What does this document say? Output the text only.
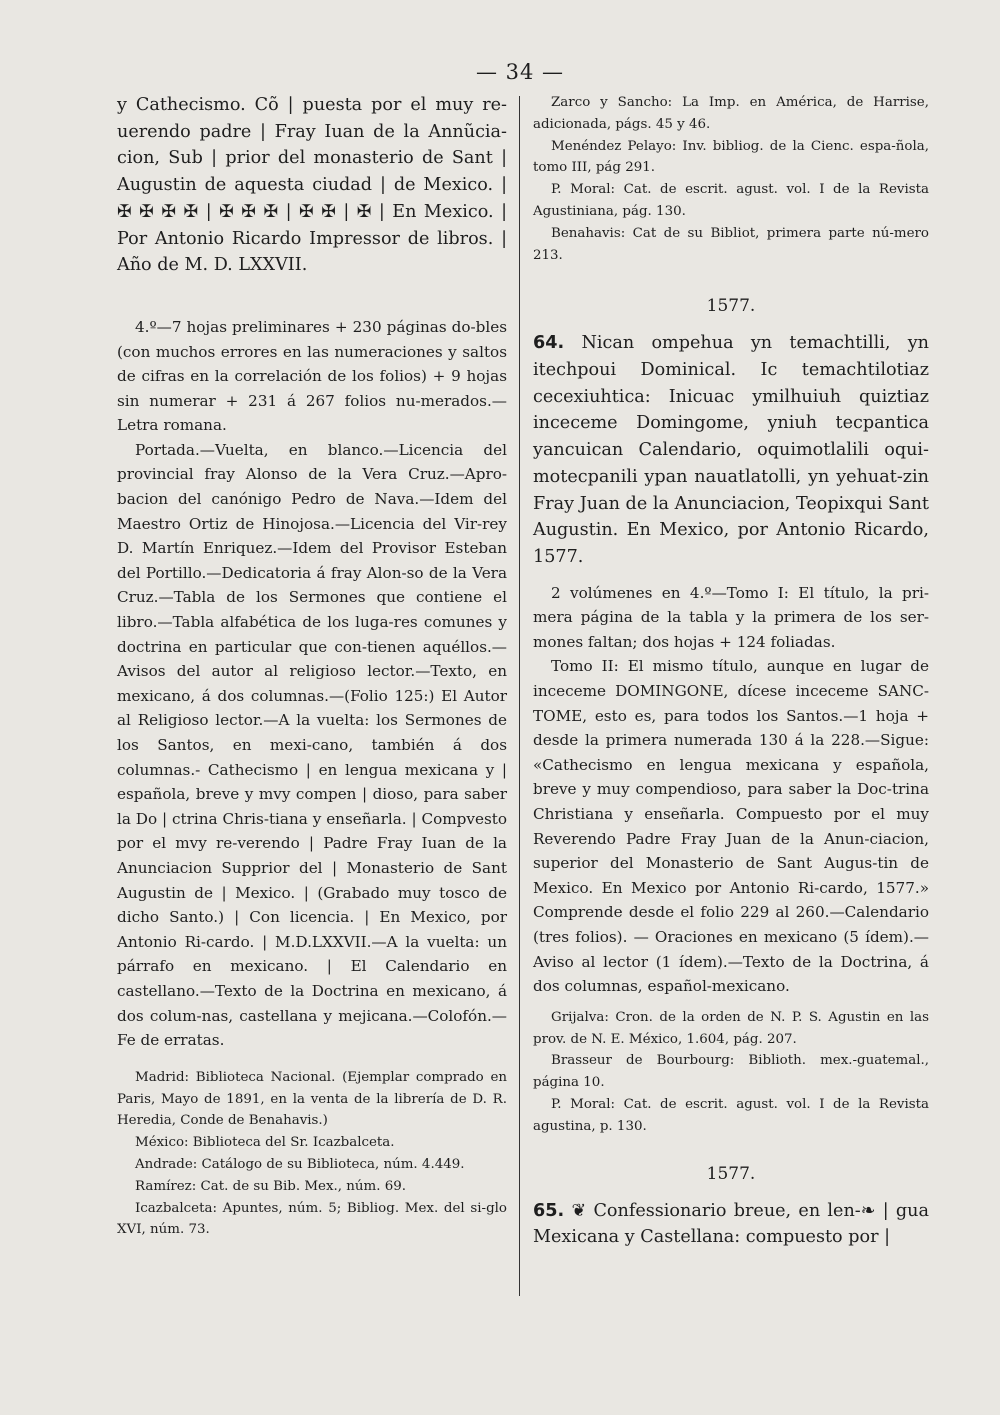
— 34 —

y Cathecismo. Cõ | puesta por el muy re-uerendo padre | Fray Iuan de la Annũcia-cion, Sub | prior del monasterio de Sant | Augustin de aquesta ciudad | de Mexico. | ✠ ✠ ✠ ✠ | ✠ ✠ ✠ | ✠ ✠ | ✠ | En Mexico. | Por Antonio Ricardo Impressor de libros. | Año de M. D. LXXVII.

4.º—7 hojas preliminares + 230 páginas do-bles (con muchos errores en las numeraciones y saltos de cifras en la correlación de los folios) + 9 hojas sin numerar + 231 á 267 folios nu-merados.—Letra romana.

Portada.—Vuelta, en blanco.—Licencia del provincial fray Alonso de la Vera Cruz.—Apro-bacion del canónigo Pedro de Nava.—Idem del Maestro Ortiz de Hinojosa.—Licencia del Vir-rey D. Martín Enriquez.—Idem del Provisor Esteban del Portillo.—Dedicatoria á fray Alon-so de la Vera Cruz.—Tabla de los Sermones que contiene el libro.—Tabla alfabética de los luga-res comunes y doctrina en particular que con-tienen aquéllos.—Avisos del autor al religioso lector.—Texto, en mexicano, á dos columnas.—(Folio 125:) El Autor al Religioso lector.—A la vuelta: los Sermones de los Santos, en mexi-cano, también á dos columnas.- Cathecismo | en lengua mexicana y | española, breve y mvy compen | dioso, para saber la Do | ctrina Chris-tiana y enseñarla. | Compvesto por el mvy re-verendo | Padre Fray Iuan de la Anunciacion Supprior del | Monasterio de Sant Augustin de | Mexico. | (Grabado muy tosco de dicho Santo.) | Con licencia. | En Mexico, por Antonio Ri-cardo. | M.D.LXXVII.—A la vuelta: un párrafo en mexicano. | El Calendario en castellano.—Texto de la Doctrina en mexicano, á dos colum-nas, castellana y mejicana.—Colofón.—Fe de erratas.

Madrid: Biblioteca Nacional. (Ejemplar comprado en Paris, Mayo de 1891, en la venta de la librería de D. R. Heredia, Conde de Benahavis.)

México: Biblioteca del Sr. Icazbalceta.

Andrade: Catálogo de su Biblioteca, núm. 4.449.

Ramírez: Cat. de su Bib. Mex., núm. 69.

Icazbalceta: Apuntes, núm. 5; Bibliog. Mex. del si-glo XVI, núm. 73.

Zarco y Sancho: La Imp. en América, de Harrise, adicionada, págs. 45 y 46.

Menéndez Pelayo: Inv. bibliog. de la Cienc. espa-ñola, tomo III, pág 291.

P. Moral: Cat. de escrit. agust. vol. I de la Revista Agustiniana, pág. 130.

Benahavis: Cat de su Bibliot, primera parte nú-mero 213.

1577.

64. Nican ompehua yn temachtilli, yn itechpoui Dominical. Ic temachtilotiaz cecexiuhtica: Inicuac ymilhuiuh quiztiaz inceceme Domingome, yniuh tecpantica yancuican Calendario, oquimotlalili oqui-motecpanili ypan nauatlatolli, yn yehuat-zin Fray Juan de la Anunciacion, Teopixqui Sant Augustin. En Mexico, por Antonio Ricardo, 1577.

2 volúmenes en 4.º—Tomo I: El título, la pri-mera página de la tabla y la primera de los ser-mones faltan; dos hojas + 124 foliadas.

Tomo II: El mismo título, aunque en lugar de inceceme DOMINGONE, dícese inceceme SANC-TOME, esto es, para todos los Santos.—1 hoja + desde la primera numerada 130 á la 228.—Sigue: «Cathecismo en lengua mexicana y española, breve y muy compendioso, para saber la Doc-trina Christiana y enseñarla. Compuesto por el muy Reverendo Padre Fray Juan de la Anun-ciacion, superior del Monasterio de Sant Augus-tin de Mexico. En Mexico por Antonio Ri-cardo, 1577.» Comprende desde el folio 229 al 260.—Calendario (tres folios). — Oraciones en mexicano (5 ídem).—Aviso al lector (1 ídem).—Texto de la Doctrina, á dos columnas, español-mexicano.

Grijalva: Cron. de la orden de N. P. S. Agustin en las prov. de N. E. México, 1.604, pág. 207.

Brasseur de Bourbourg: Biblioth. mex.-guatemal., página 10.

P. Moral: Cat. de escrit. agust. vol. I de la Revista agustina, p. 130.

1577.

65. ❦ Confessionario breue, en len-❧ | gua Mexicana y Castellana: compuesto por |
